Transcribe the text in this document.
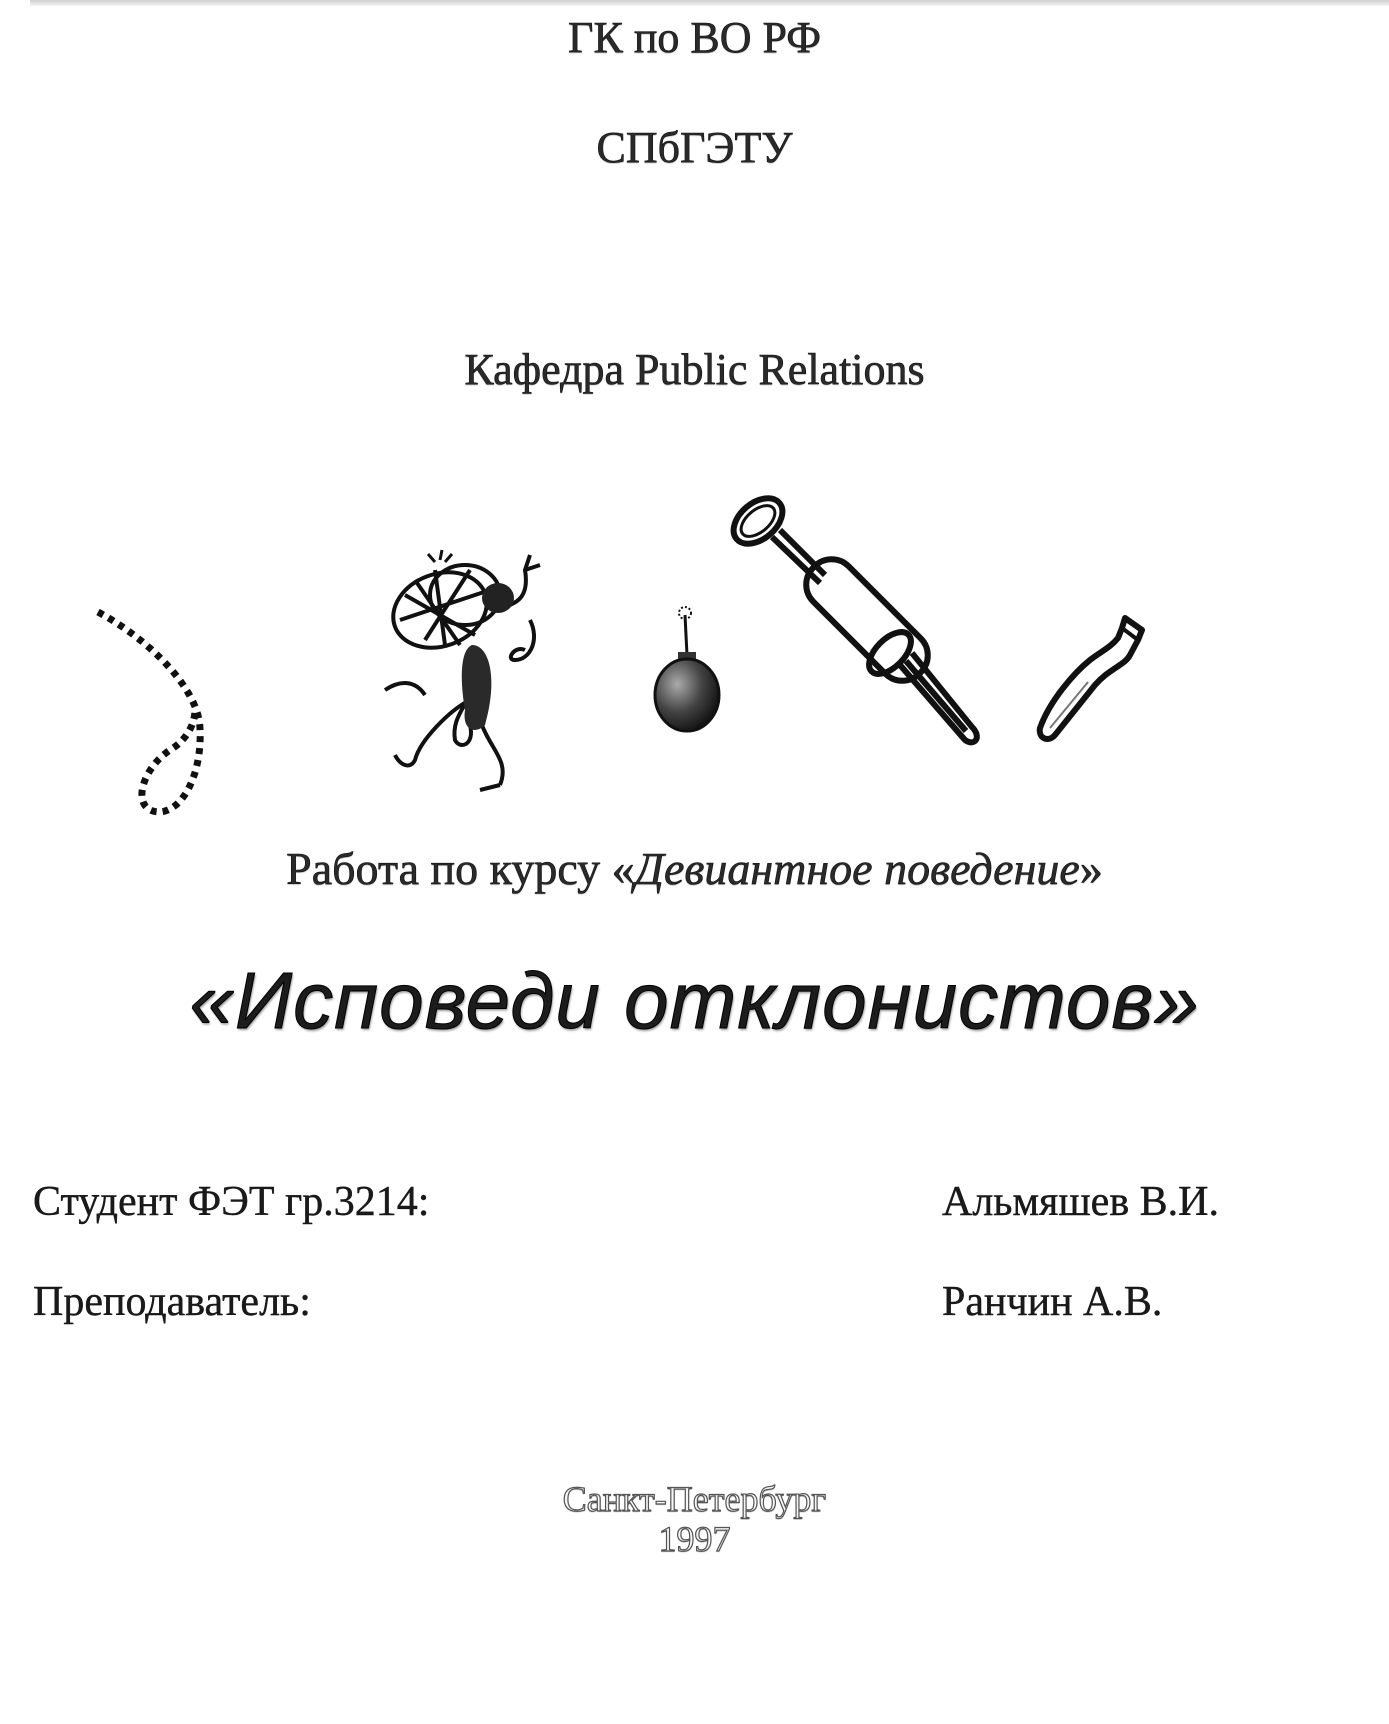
ГК по ВО РФ
СПбГЭТУ
Кафедра Public Relations
Работа по курсу «Девиантное поведение»
«Исповеди отклонистов»
Студент ФЭТ гр.3214:	Альмяшев В.И.
Преподаватель:	Ранчин А.В.
Санкт-Петербург
1997
